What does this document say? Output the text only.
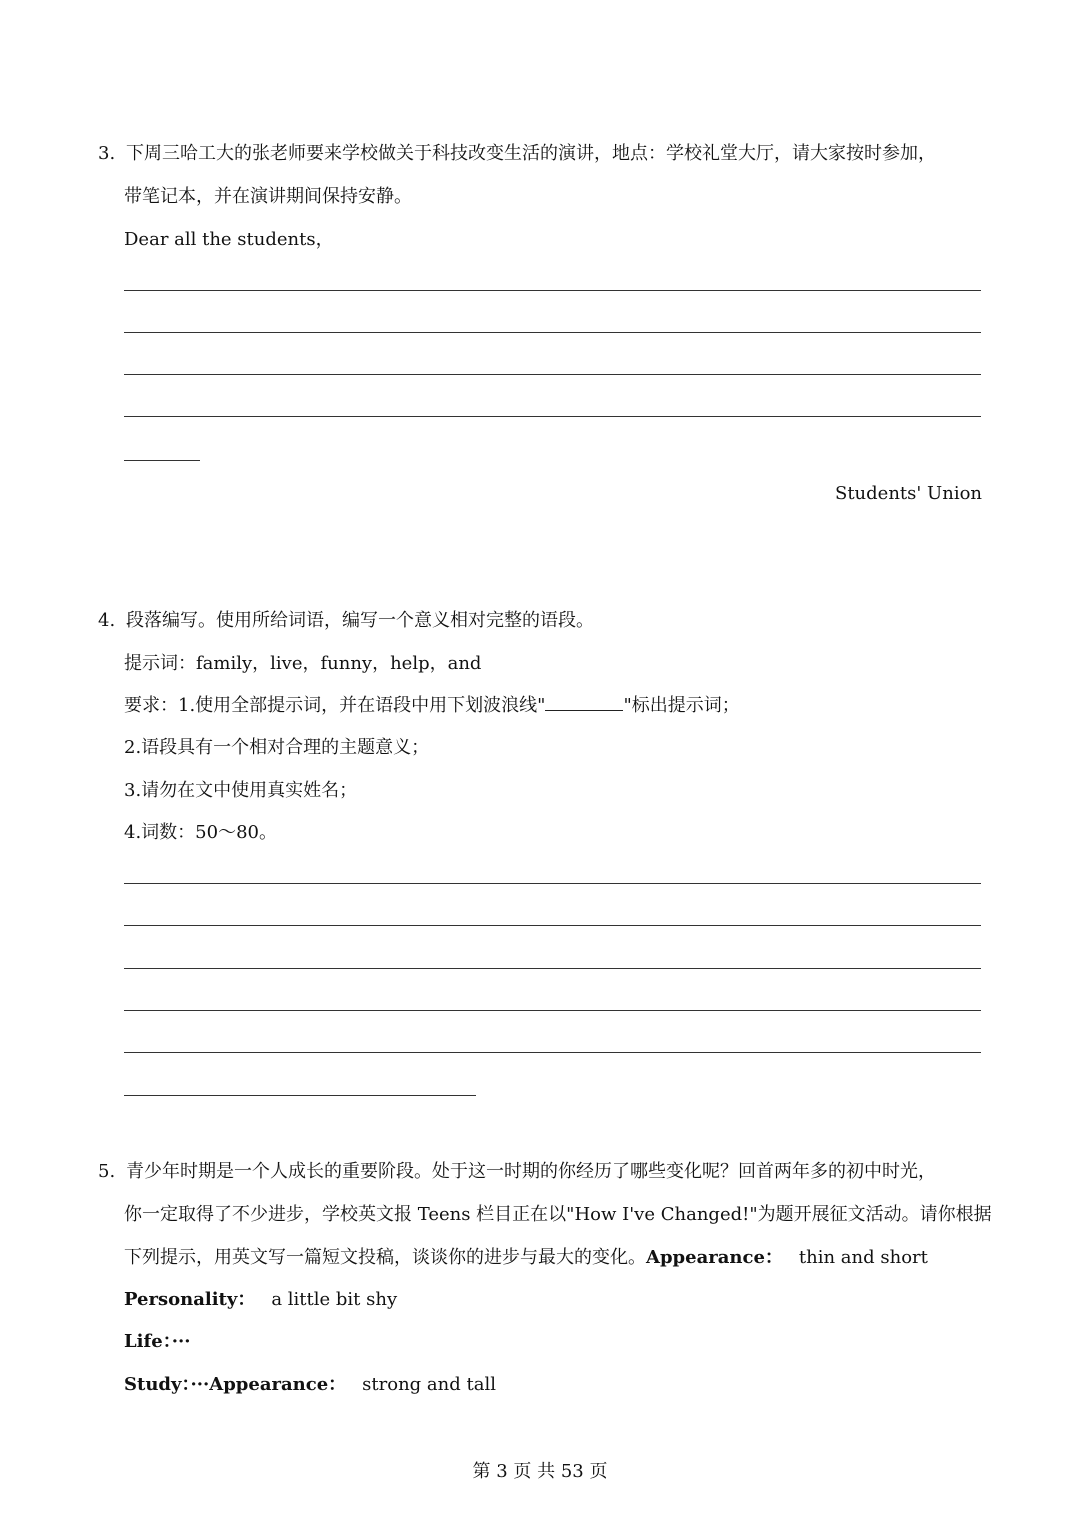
3. 下周三哈工大的张老师要来学校做关于科技改变生活的演讲，地点：学校礼堂大厅，请大家按时参加，
带笔记本，并在演讲期间保持安静。
Dear all the students，
Students' Union
4. 段落编写。使用所给词语，编写一个意义相对完整的语段。
提示词：family，live，funny，help，and
要求：1.使用全部提示词，并在语段中用下划波浪线"	"标出提示词；
2.语段具有一个相对合理的主题意义；
3.请勿在文中使用真实姓名；
4.词数：50～80。
5. 青少年时期是一个人成长的重要阶段。处于这一时期的你经历了哪些变化呢？回首两年多的初中时光，
你一定取得了不少进步，学校英文报 Teens 栏目正在以"How I've Changed!"为题开展征文活动。请你根据
下列提示，用英文写一篇短文投稿，谈谈你的进步与最大的变化。Appearance： thin and short
Personality： a little bit shy
Life：···
Study：···Appearance： strong and tall
第 3 页 共 53 页
